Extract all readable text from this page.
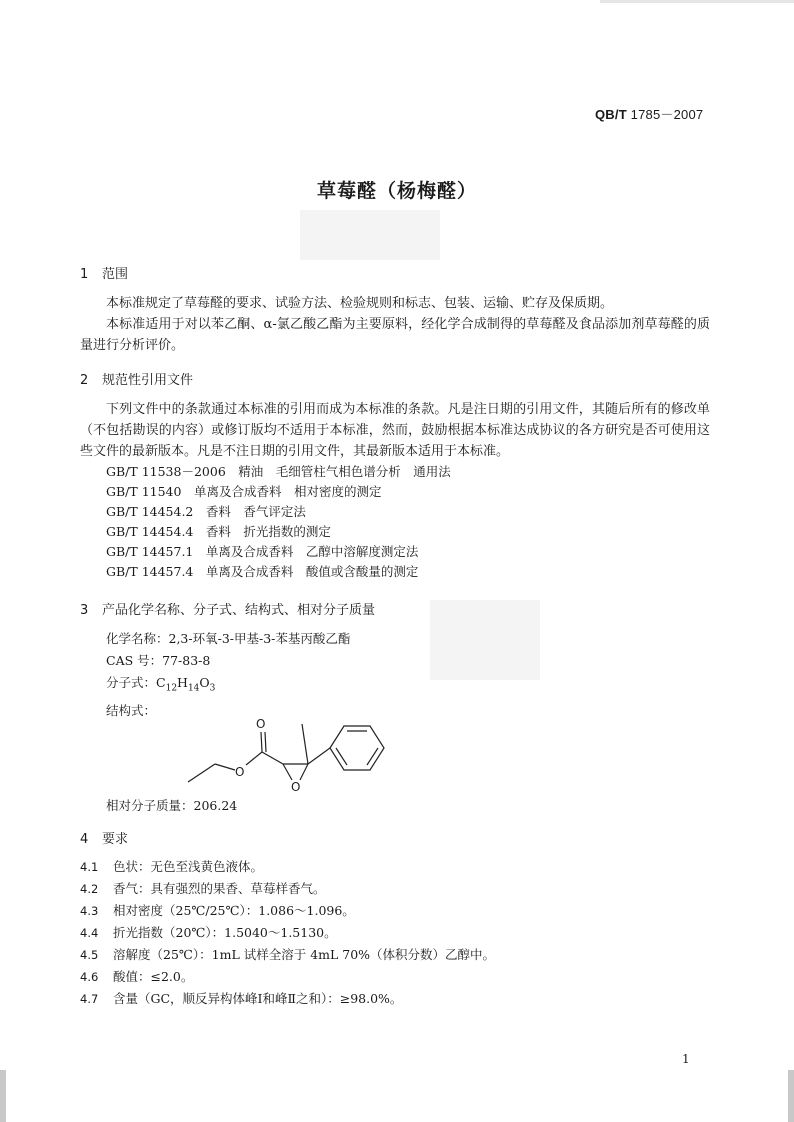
QB/T 1785－2007
草莓醛（杨梅醛）
1 范围

本标准规定了草莓醛的要求、试验方法、检验规则和标志、包装、运输、贮存及保质期。

本标准适用于对以苯乙酮、α-氯乙酸乙酯为主要原料，经化学合成制得的草莓醛及食品添加剂草莓醛的质量进行分析评价。

2 规范性引用文件

下列文件中的条款通过本标准的引用而成为本标准的条款。凡是注日期的引用文件，其随后所有的修改单（不包括勘误的内容）或修订版均不适用于本标准，然而，鼓励根据本标准达成协议的各方研究是否可使用这些文件的最新版本。凡是不注日期的引用文件，其最新版本适用于本标准。

GB/T 11538－2006　精油　毛细管柱气相色谱分析　通用法
GB/T 11540　单离及合成香料　相对密度的测定
GB/T 14454.2　香料　香气评定法
GB/T 14454.4　香料　折光指数的测定
GB/T 14457.1　单离及合成香料　乙醇中溶解度测定法
GB/T 14457.4　单离及合成香料　酸值或含酸量的测定
3 产品化学名称、分子式、结构式、相对分子质量
化学名称：2,3-环氧-3-甲基-3-苯基丙酸乙酯
CAS 号：77-83-8
分子式：$C_{12}H_{14}O_3$
结构式：
O
O
O
相对分子质量：206.24
4 要求
4.1 色状：无色至浅黄色液体。
4.2 香气：具有强烈的果香、草莓样香气。
4.3 相对密度（25℃/25℃）：1.086～1.096。
4.4 折光指数（20℃）：1.5040～1.5130。
4.5 溶解度（25℃）：1mL 试样全溶于 4mL 70%（体积分数）乙醇中。
4.6 酸值：≤2.0。
4.7 含量（GC，顺反异构体峰Ⅰ和峰Ⅱ之和）：≥98.0%。
1
